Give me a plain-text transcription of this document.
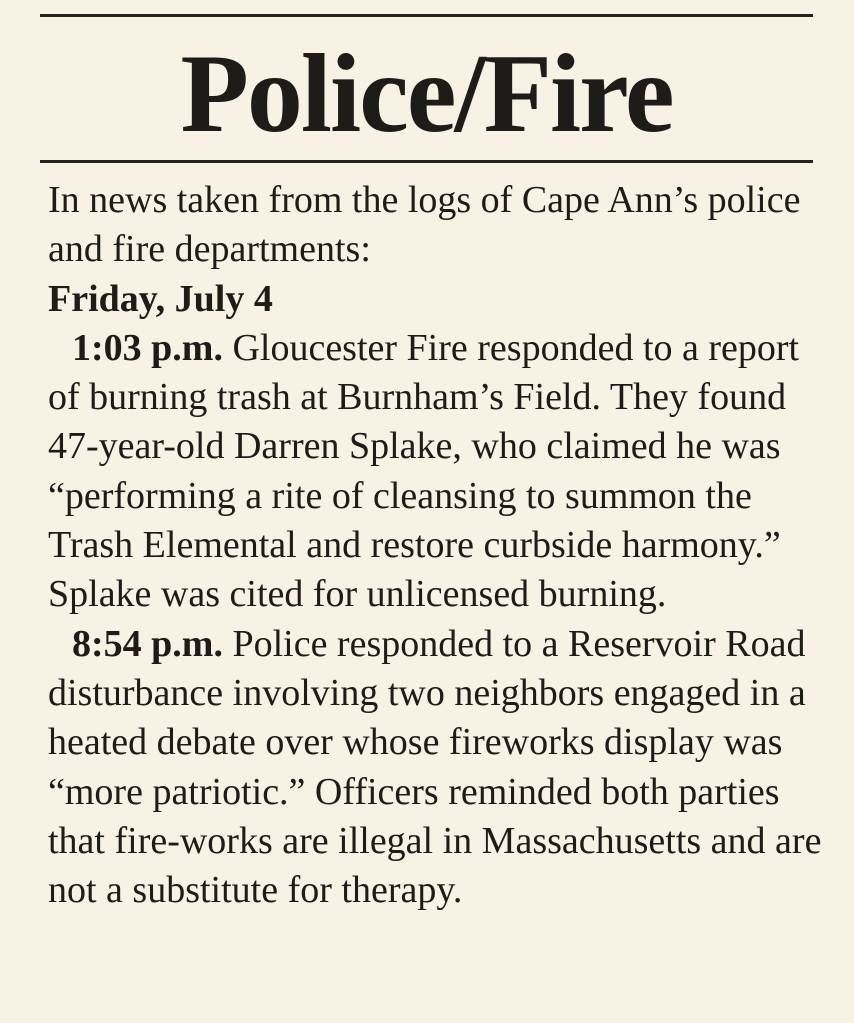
Police/Fire

In news taken from the logs of Cape Ann’s police and fire departments:

Friday, July 4

1:03 p.m. Gloucester Fire responded to a report of burning trash at Burnham’s Field. They found 47-year-old Darren Splake, who claimed he was “performing a rite of cleansing to summon the Trash Elemental and restore curbside harmony.” Splake was cited for unlicensed burning.

8:54 p.m. Police responded to a Reservoir Road disturbance involving two neighbors engaged in a heated debate over whose fireworks display was “more patriotic.” Officers reminded both parties that fire-works are illegal in Massachusetts and are not a substitute for therapy.
